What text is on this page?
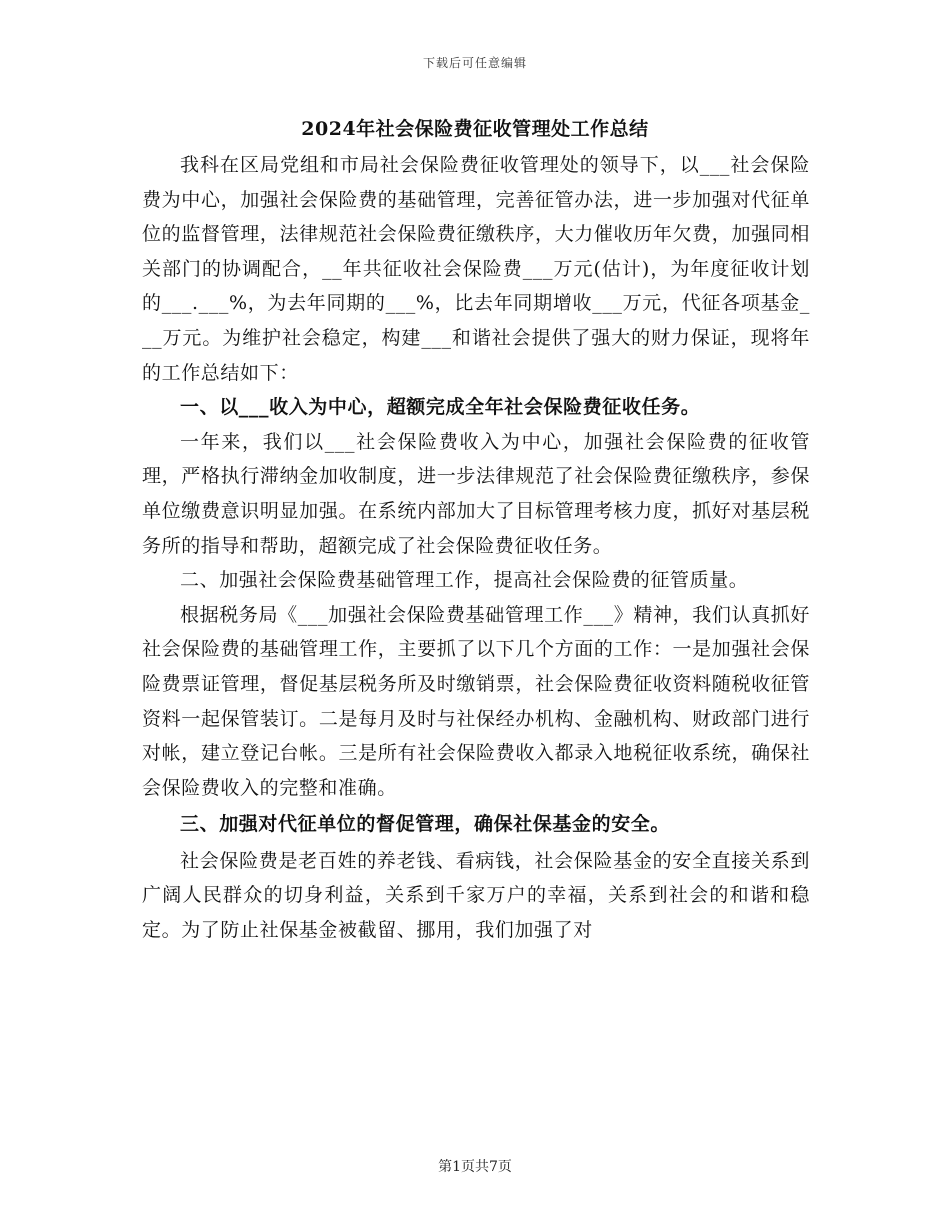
下载后可任意编辑
2024年社会保险费征收管理处工作总结

我科在区局党组和市局社会保险费征收管理处的领导下，以___社会保险费为中心，加强社会保险费的基础管理，完善征管办法，进一步加强对代征单位的监督管理，法律规范社会保险费征缴秩序，大力催收历年欠费，加强同相关部门的协调配合，__年共征收社会保险费___万元(估计)，为年度征收计划的___.___%，为去年同期的___%，比去年同期增收___万元，代征各项基金___万元。为维护社会稳定，构建___和谐社会提供了强大的财力保证，现将年的工作总结如下：

一、以___收入为中心，超额完成全年社会保险费征收任务。

一年来，我们以___社会保险费收入为中心，加强社会保险费的征收管理，严格执行滞纳金加收制度，进一步法律规范了社会保险费征缴秩序，参保单位缴费意识明显加强。在系统内部加大了目标管理考核力度，抓好对基层税务所的指导和帮助，超额完成了社会保险费征收任务。

二、加强社会保险费基础管理工作，提高社会保险费的征管质量。

根据税务局《___加强社会保险费基础管理工作___》精神，我们认真抓好社会保险费的基础管理工作，主要抓了以下几个方面的工作：一是加强社会保险费票证管理，督促基层税务所及时缴销票，社会保险费征收资料随税收征管资料一起保管装订。二是每月及时与社保经办机构、金融机构、财政部门进行对帐，建立登记台帐。三是所有社会保险费收入都录入地税征收系统，确保社会保险费收入的完整和准确。

三、加强对代征单位的督促管理，确保社保基金的安全。

社会保险费是老百姓的养老钱、看病钱，社会保险基金的安全直接关系到广阔人民群众的切身利益，关系到千家万户的幸福，关系到社会的和谐和稳定。为了防止社保基金被截留、挪用，我们加强了对

第1页共7页
